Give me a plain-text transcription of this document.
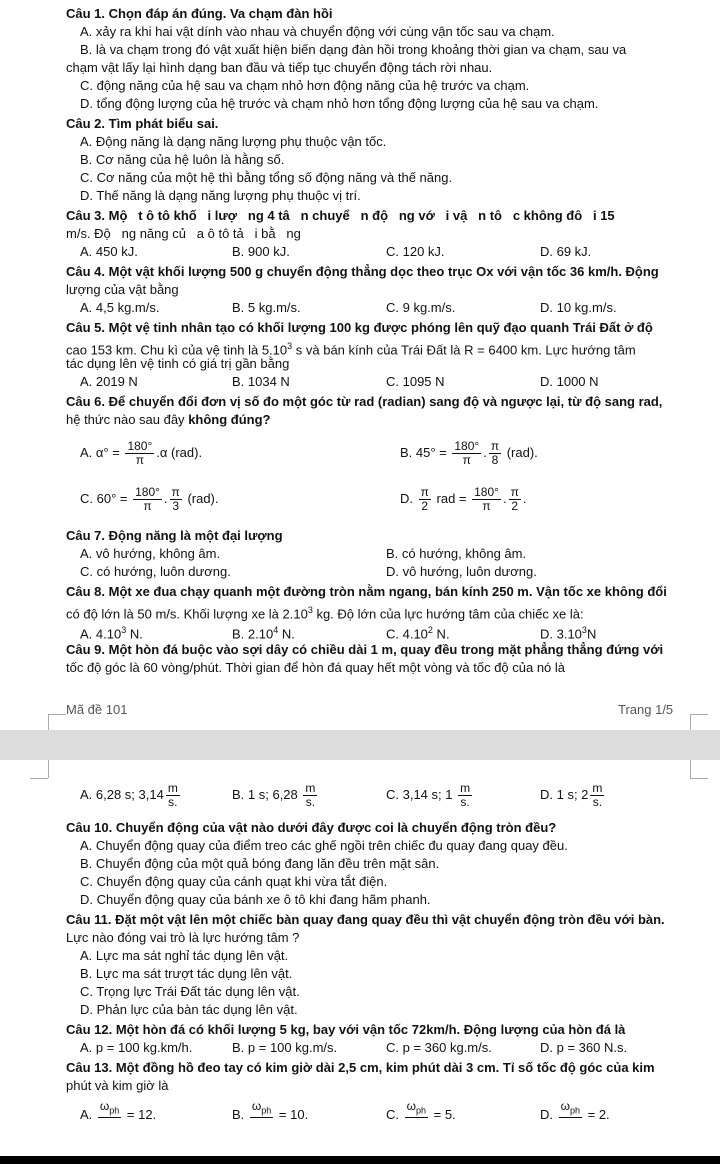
Câu 1. Chọn đáp án đúng. Va chạm đàn hồi
A. xảy ra khi hai vật dính vào nhau và chuyển động với cùng vận tốc sau va chạm.
B. là va chạm trong đó vật xuất hiện biến dạng đàn hồi trong khoảng thời gian va chạm, sau va
chạm vật lấy lại hình dạng ban đầu và tiếp tục chuyển động tách rời nhau.
C. động năng của hệ sau va chạm nhỏ hơn động năng của hệ trước va chạm.
D. tổng động lượng của hệ trước và chạm nhỏ hơn tổng động lượng của hệ sau va chạm.
Câu 2. Tìm phát biểu sai.
A. Động năng là dạng năng lượng phụ thuộc vận tốc.
B. Cơ năng của hệ luôn là hằng số.
C. Cơ năng của một hệ thì bằng tổng số động năng và thế năng.
D. Thế năng là dạng năng lượng phụ thuộc vị trí.
Câu 3. Mộ   t ô tô khố   i lượ   ng 4 tâ   n chuyể   n độ   ng vớ   i vậ   n tô   c không đô   i 15
m/s. Độ   ng năng củ   a ô tô tả   i bằ   ng
A. 450 kJ.	B. 900 kJ.	C. 120 kJ.	D. 69 kJ.
Câu 4. Một vật khối lượng 500 g chuyển động thẳng dọc theo trục Ox với vận tốc 36 km/h. Động
lượng của vật bằng
A. 4,5 kg.m/s.	B. 5 kg.m/s.	C. 9 kg.m/s.	D. 10 kg.m/s.
Câu 5. Một vệ tinh nhân tạo có khối lượng 100 kg được phóng lên quỹ đạo quanh Trái Đất ở độ
cao 153 km. Chu kì của vệ tinh là 5.10$^3$ s và bán kính của Trái Đất là R = 6400 km. Lực hướng tâm
tác dụng lên vệ tinh có giá trị gần bằng
A. 2019 N	B. 1034 N	C. 1095 N	D. 1000 N
Câu 6. Để chuyển đổi đơn vị số đo một góc từ rad (radian) sang độ và ngược lại, từ độ sang rad,
hệ thức nào sau đây không đúng?
A. $\alpha^\circ = \frac{180^\circ}{\pi} .\alpha$ (rad).	B. $45^\circ = \frac{180^\circ}{\pi}$ . $\frac{\pi}{8} (rad)$.
C. $60^\circ = \frac{180^\circ}{\pi}$ . $\frac{\pi}{3} (rad)$.	D. $\frac{\pi}{2}$ rad = $\frac{180^\circ}{\pi}$ . $\frac{\pi}{2}$ .
Câu 7. Động năng là một đại lượng
A. vô hướng, không âm.	B. có hướng, không âm.
C. có hướng, luôn dương.	D. vô hướng, luôn dương.
Câu 8. Một xe đua chạy quanh một đường tròn nằm ngang, bán kính 250 m. Vận tốc xe không đổi
có độ lớn là 50 m/s. Khối lượng xe là 2.10$^3$ kg. Độ lớn của lực hướng tâm của chiếc xe là:
A. 4.10$^3$ N.	B. 2.10$^4$ N.	C. 4.10$^2$ N.	D. 3.10$^3$N
Câu 9. Một hòn đá buộc vào sợi dây có chiều dài 1 m, quay đều trong mặt phẳng thẳng đứng với
tốc độ góc là 60 vòng/phút. Thời gian để hòn đá quay hết một vòng và tốc độ của nó là
Mã đề 101	Trang 1/5
A. 6,28 s; $3,14 \frac{m}{s.}$	B. 1 s; $6,28 \frac{m}{s.}$	C. 3,14 s; $1 \frac{m}{s.}$	D. 1 s; $2 \frac{m}{s.}$
Câu 10. Chuyển động của vật nào dưới đây được coi là chuyển động tròn đều?
A. Chuyển động quay của điểm treo các ghế ngồi trên chiếc đu quay đang quay đều.
B. Chuyển động của một quả bóng đang lăn đều trên mặt sân.
C. Chuyển động quay của cánh quạt khi vừa tắt điện.
D. Chuyển động quay của bánh xe ô tô khi đang hãm phanh.
Câu 11. Đặt một vật lên một chiếc bàn quay đang quay đều thì vật chuyển động tròn đều với bàn.
Lực nào đóng vai trò là lực hướng tâm ?
A. Lực ma sát nghỉ tác dụng lên vật.
B. Lực ma sát trượt tác dụng lên vật.
C. Trọng lực Trái Đất tác dụng lên vật.
D. Phản lực của bàn tác dụng lên vật.
Câu 12. Một hòn đá có khối lượng 5 kg, bay với vận tốc 72km/h. Động lượng của hòn đá là
A. p = 100 kg.km/h.	B. p = 100 kg.m/s.	C. p = 360 kg.m/s.	D. p = 360 N.s.
Câu 13. Một đồng hồ đeo tay có kim giờ dài 2,5 cm, kim phút dài 3 cm. Tỉ số tốc độ góc của kim
phút và kim giờ là
A.
$\omega_{ph}$
= 12.	B.
$\omega_{ph}$
= 10.	C.
$\omega_{ph}$
= 5.	D.
$\omega_{ph}$
= 2.
